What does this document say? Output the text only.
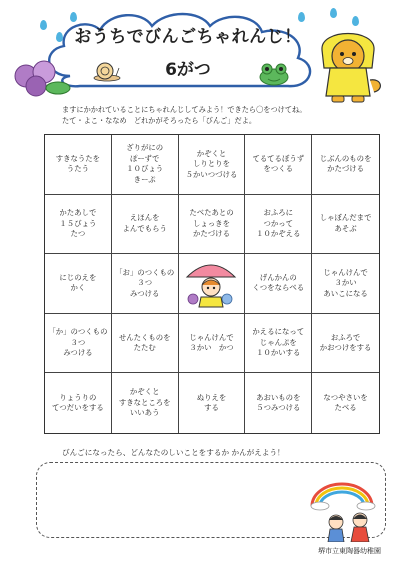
おうちでびんごちゃれんじ！
6がつ
ますにかかれていることにちゃれんじしてみよう！できたら〇をつけてね。
たて・よこ・ななめ　どれかがそろったら「びんご」だよ。
すきなうたを
うたう
ざりがにの
ぽーずで
１０びょう
きーぷ
かぞくと
しりとりを
５かいつづける
てるてるぼうず
をつくる
じぶんのものを
かたづける
かたあしで
１５びょう
たつ
えほんを
よんでもらう
たべたあとの
しょっきを
かたづける
おふろに
つかって
１０かぞえる
しゃぼんだまで
あそぶ
にじのえを
かく
「お」のつくもの
３つ
みつける
げんかんの
くつをならべる
じゃんけんで
３かい
あいこになる
「か」のつくもの
３つ
みつける
せんたくものを
たたむ
じゃんけんで
３かい　かつ
かえるになって
じゃんぷを
１０かいする
おふろで
かおつけをする
りょうりの
てつだいをする
かぞくと
すきなところを
いいあう
ぬりえを
する
あおいものを
５つみつける
なつやさいを
たべる
びんごになったら、どんなたのしいことをするか かんがえよう！
堺市立東陶器幼稚園
